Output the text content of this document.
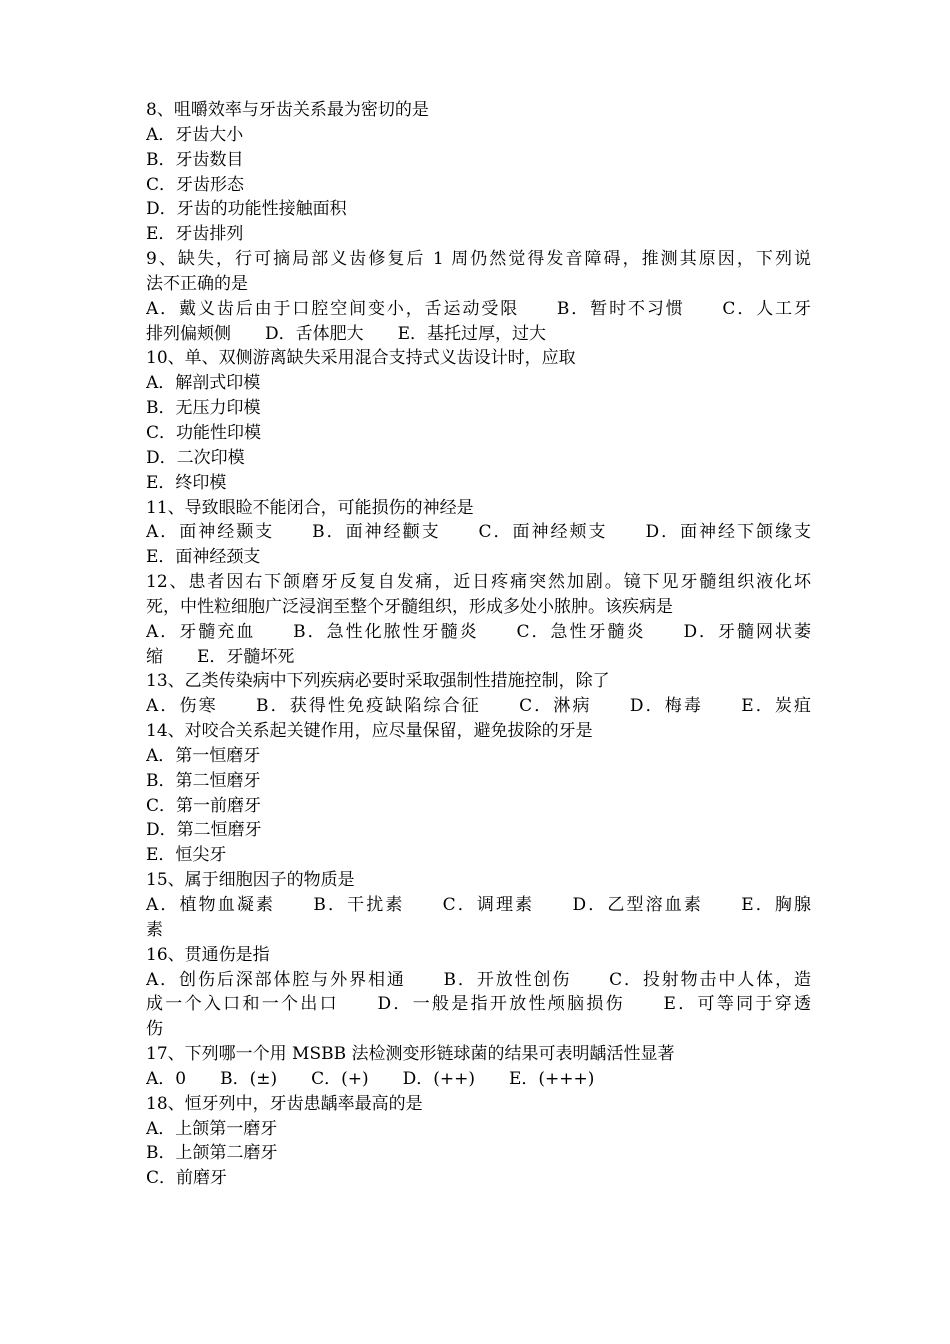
8、咀嚼效率与牙齿关系最为密切的是
A．牙齿大小
B．牙齿数目
C．牙齿形态
D．牙齿的功能性接触面积
E．牙齿排列
9、缺失，行可摘局部义齿修复后 1 周仍然觉得发音障碍，推测其原因，下列说
法不正确的是
A．戴义齿后由于口腔空间变小，舌运动受限　　B．暂时不习惯　　C．人工牙
排列偏颊侧　　D．舌体肥大　　E．基托过厚，过大
10、单、双侧游离缺失采用混合支持式义齿设计时，应取
A．解剖式印模
B．无压力印模
C．功能性印模
D．二次印模
E．终印模
11、导致眼睑不能闭合，可能损伤的神经是
A．面神经颞支　　B．面神经颧支　　C．面神经颊支　　D．面神经下颌缘支
E．面神经颈支
12、患者因右下颌磨牙反复自发痛，近日疼痛突然加剧。镜下见牙髓组织液化坏
死，中性粒细胞广泛浸润至整个牙髓组织，形成多处小脓肿。该疾病是
A．牙髓充血　　B．急性化脓性牙髓炎　　C．急性牙髓炎　　D．牙髓网状萎
缩　　E．牙髓坏死
13、乙类传染病中下列疾病必要时采取强制性措施控制，除了
A．伤寒　　B．获得性免疫缺陷综合征　　C．淋病　　D．梅毒　　E．炭疽
14、对咬合关系起关键作用，应尽量保留，避免拔除的牙是
A．第一恒磨牙
B．第二恒磨牙
C．第一前磨牙
D．第二恒磨牙
E．恒尖牙
15、属于细胞因子的物质是
A．植物血凝素　　B．干扰素　　C．调理素　　D．乙型溶血素　　E．胸腺
素
16、贯通伤是指
A．创伤后深部体腔与外界相通　　B．开放性创伤　　C．投射物击中人体，造
成一个入口和一个出口　　D．一般是指开放性颅脑损伤　　E．可等同于穿透
伤
17、下列哪一个用 MSBB 法检测变形链球菌的结果可表明龋活性显著
A．0　　B．(±)　　C．(+)　　D．(++)　　E．(+++)
18、恒牙列中，牙齿患龋率最高的是
A．上颌第一磨牙
B．上颌第二磨牙
C．前磨牙
